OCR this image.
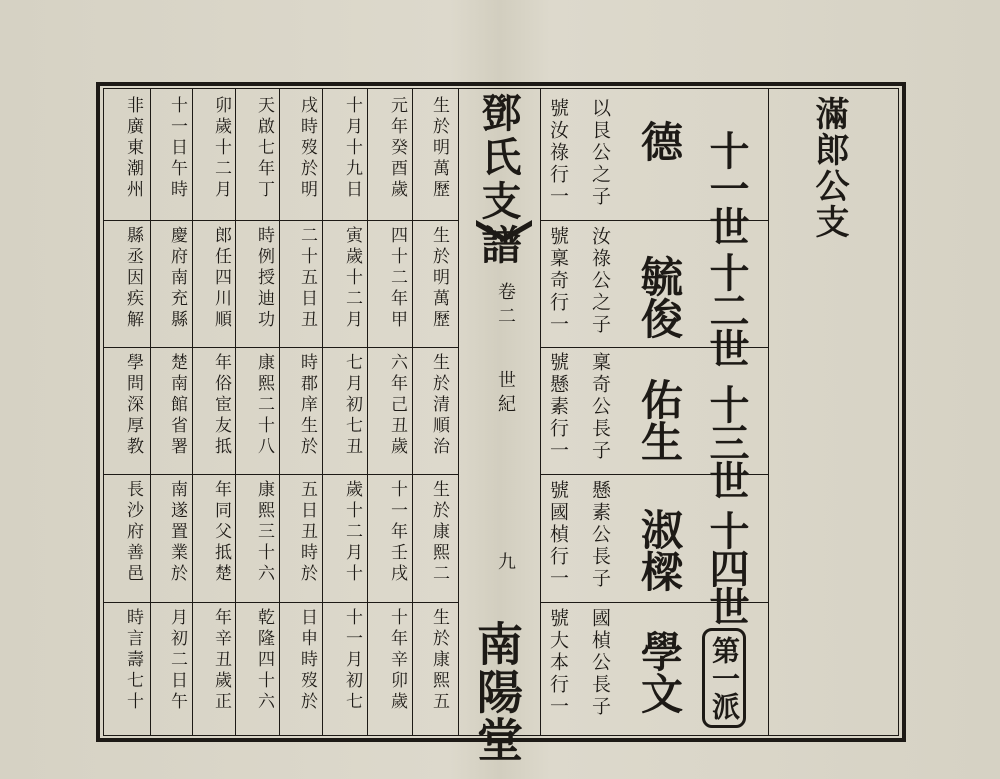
滿郎公支
十一世
十二世
十三世
十四世
德
毓俊
佑生
淑樑
學文
以艮公之子
汝祿公之子
稟奇公長子
懸素公長子
國楨公長子
號汝祿行一
號稟奇行一
號懸素行一
號國楨行一
號大本行一	第一派
鄧氏支譜
卷二
世紀
九
南陽堂
生於明萬歷
生於明萬歷
生於清順治
生於康熙二
生於康熙五
元年癸酉歲
四十二年甲
六年己丑歲
十一年壬戌
十年辛卯歲
十月十九日
寅歲十二月
七月初七丑
歲十二月十
十一月初七
戌時歿於明
二十五日丑
時郡庠生於
五日丑時於
日申時歿於
天啟七年丁
時例授迪功
康熙二十八
康熙三十六
乾隆四十六
卯歲十二月
郎任四川順
年俗宦友抵
年同父抵楚
年辛丑歲正
十一日午時
慶府南充縣
楚南館省署
南遂置業於
月初二日午
非廣東潮州
縣丞因疾解
學問深厚教
長沙府善邑
時言壽七十
